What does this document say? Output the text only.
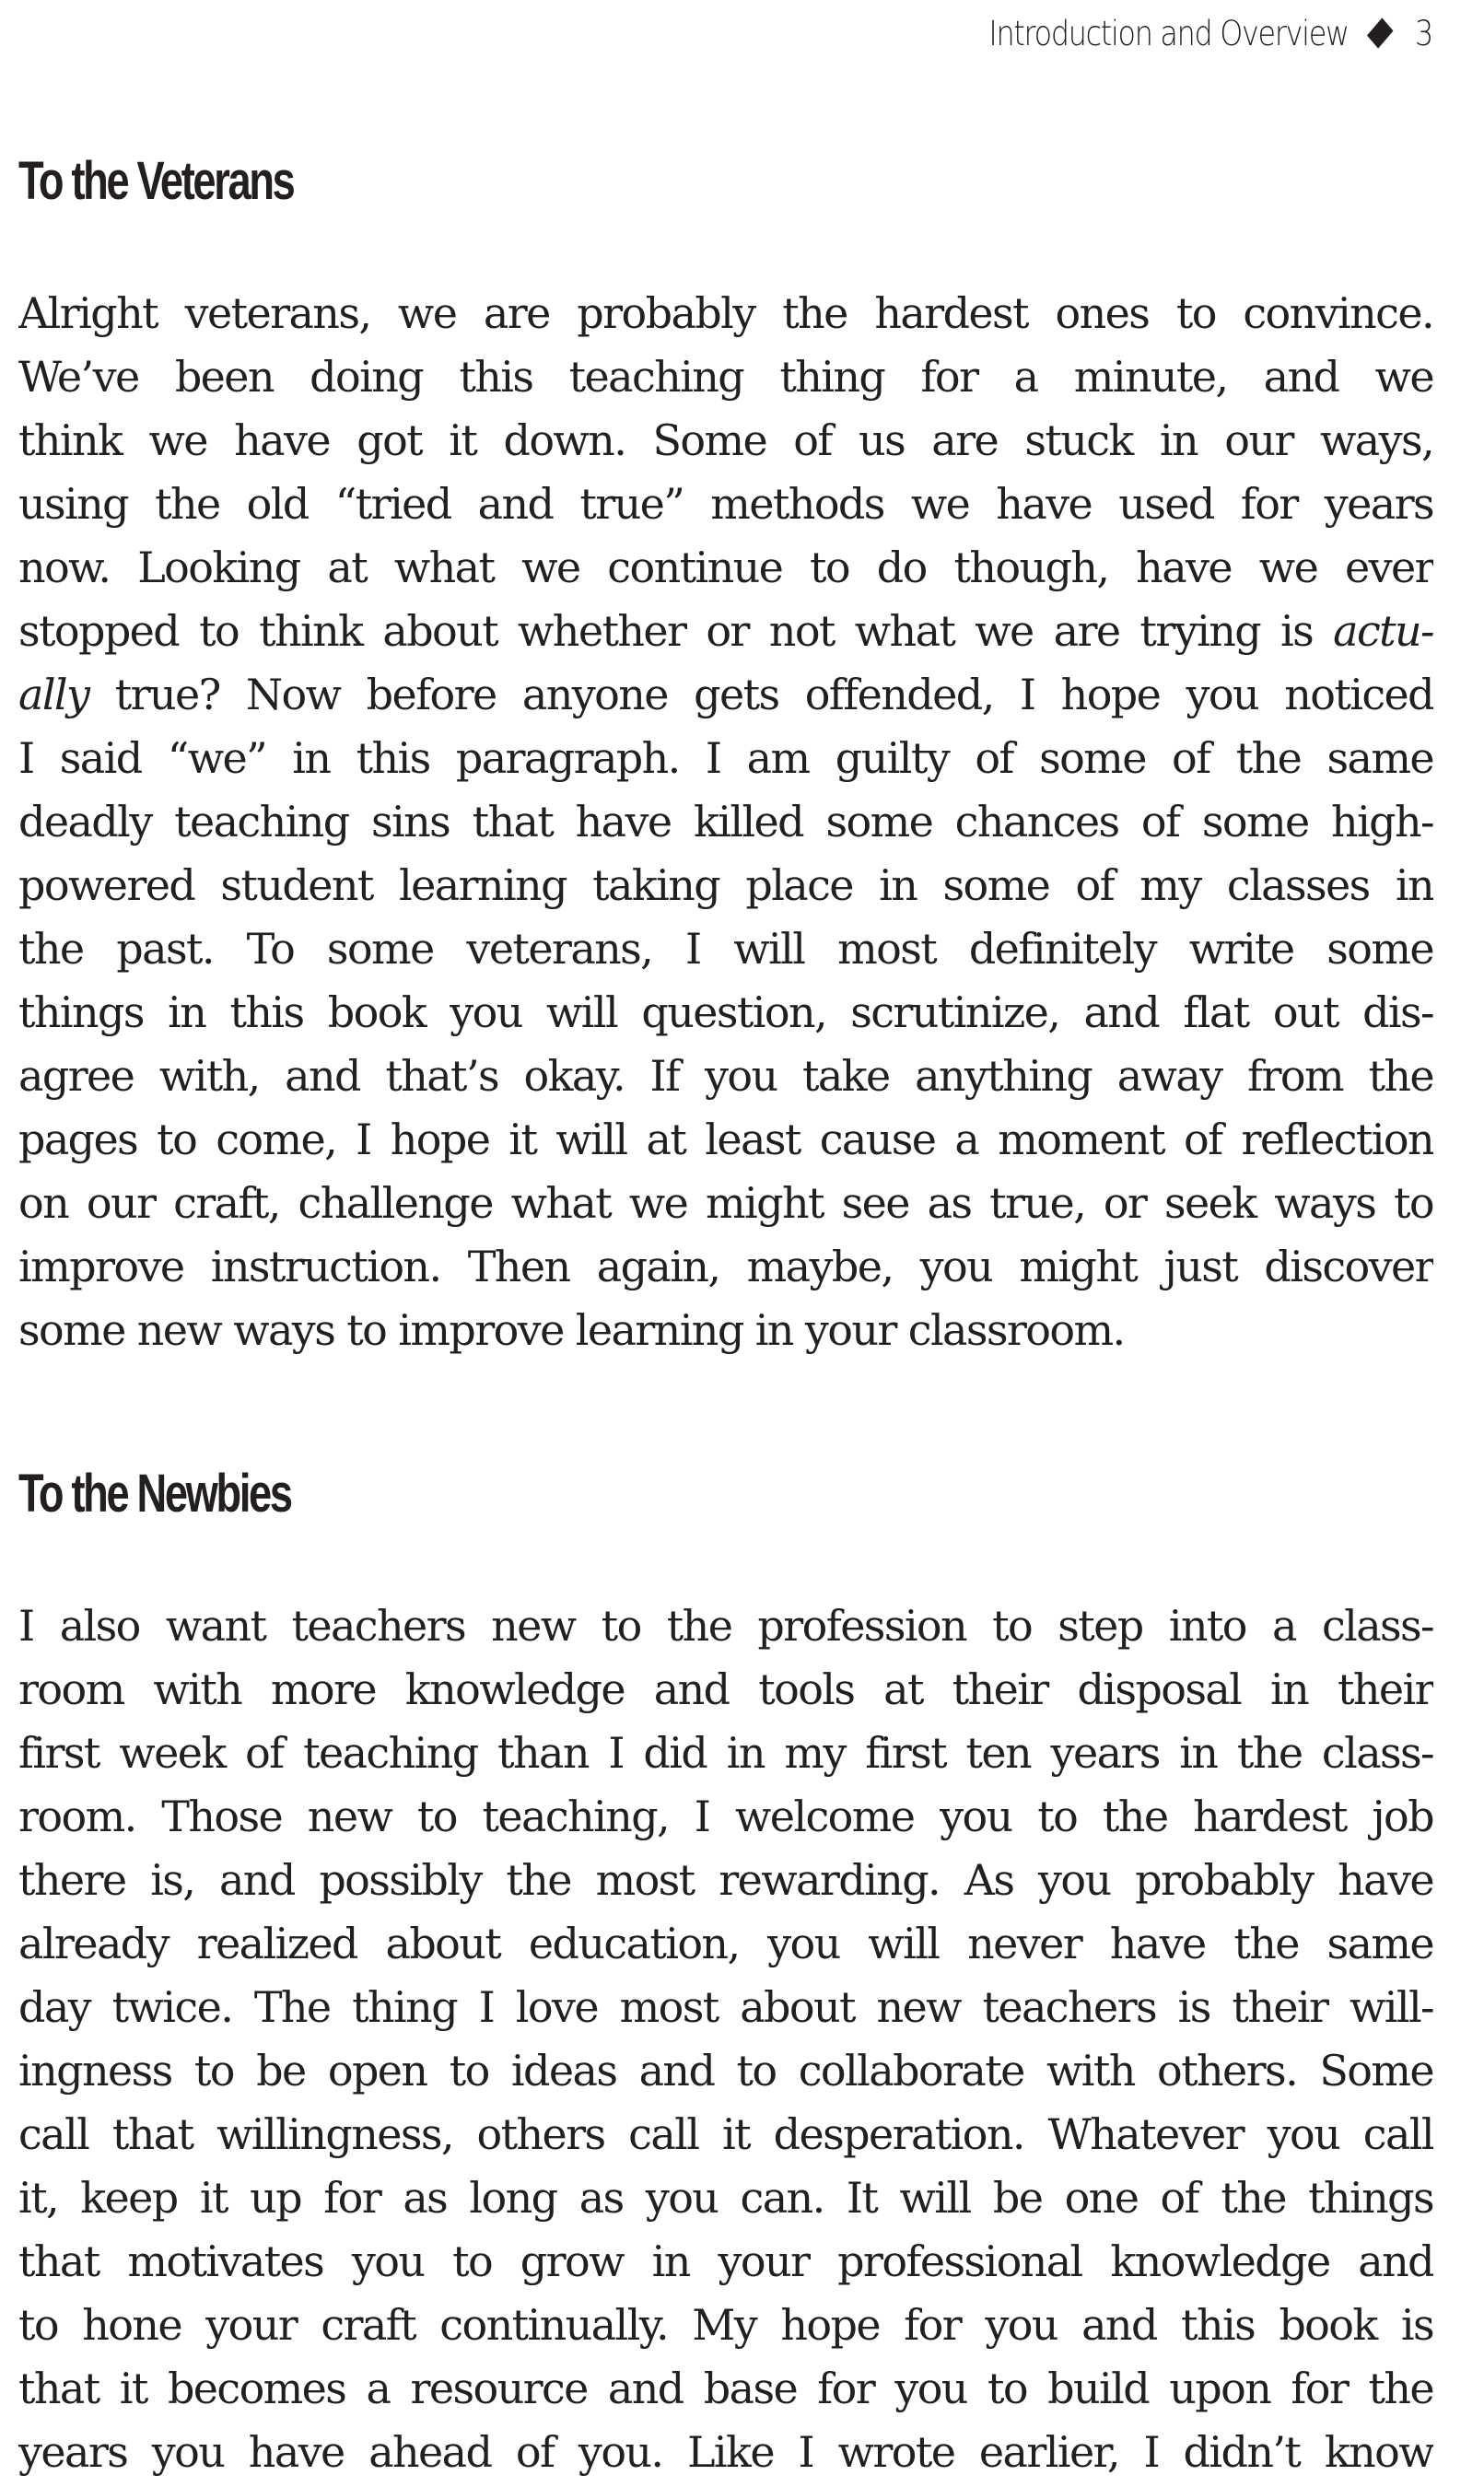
Introduction and Overview 3
To the Veterans
Alright veterans, we are probably the hardest ones to convince.
We’ve been doing this teaching thing for a minute, and we
think we have got it down. Some of us are stuck in our ways,
using the old “tried and true” methods we have used for years
now. Looking at what we continue to do though, have we ever
stopped to think about whether or not what we are trying is actu-
ally true? Now before anyone gets offended, I hope you noticed
I said “we” in this paragraph. I am guilty of some of the same
deadly teaching sins that have killed some chances of some high-
powered student learning taking place in some of my classes in
the past. To some veterans, I will most definitely write some
things in this book you will question, scrutinize, and flat out dis-
agree with, and that’s okay. If you take anything away from the
pages to come, I hope it will at least cause a moment of reflection
on our craft, challenge what we might see as true, or seek ways to
improve instruction. Then again, maybe, you might just discover
some new ways to improve learning in your classroom.
To the Newbies
I also want teachers new to the profession to step into a class-
room with more knowledge and tools at their disposal in their
first week of teaching than I did in my first ten years in the class-
room. Those new to teaching, I welcome you to the hardest job
there is, and possibly the most rewarding. As you probably have
already realized about education, you will never have the same
day twice. The thing I love most about new teachers is their will-
ingness to be open to ideas and to collaborate with others. Some
call that willingness, others call it desperation. Whatever you call
it, keep it up for as long as you can. It will be one of the things
that motivates you to grow in your professional knowledge and
to hone your craft continually. My hope for you and this book is
that it becomes a resource and base for you to build upon for the
years you have ahead of you. Like I wrote earlier, I didn’t know
